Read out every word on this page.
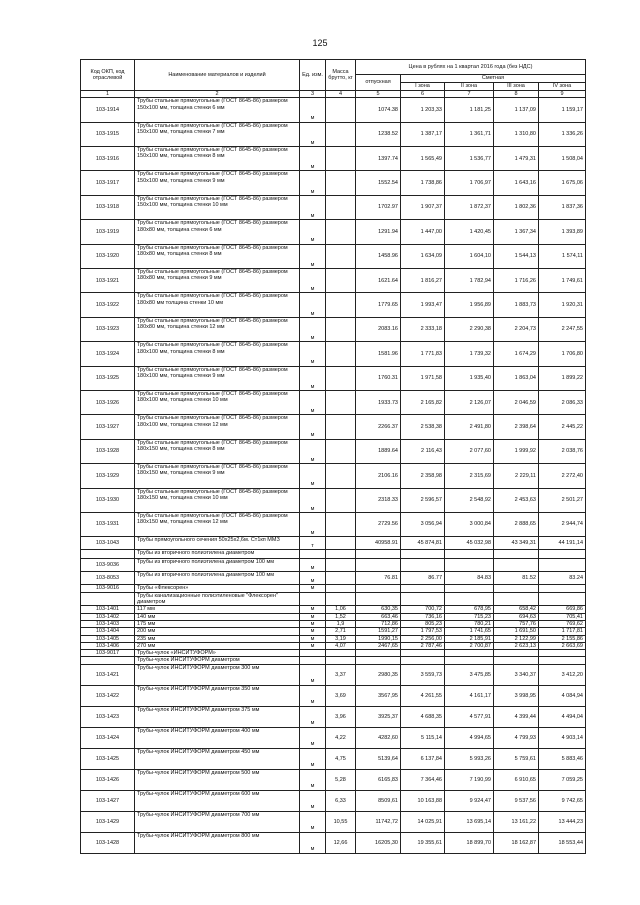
125
Код ОКП, код отраслевой	Наименование материалов и изделий	Ед. изм.	Масса брутто, кг	Цена в рублях на 1 квартал 2016 года (без НДС)				
				отпускная	Сметная			
					I зона	II зона	III зона	IV зона
1	2	3	4	5	6	7	8	9
103-1914	Трубы стальные прямоугольные (ГОСТ 8645-86) размером 150х100 мм, толщина стенки 6 мм	м		1074.38	1 203,33	1 181,25	1 137,09	1 159,17
103-1915	Трубы стальные прямоугольные (ГОСТ 8645-86) размером 150х100 мм, толщина стенки 7 мм	м		1238.52	1 387,17	1 361,71	1 310,80	1 336,26
103-1916	Трубы стальные прямоугольные (ГОСТ 8645-86) размером 150х100 мм, толщина стенки 8 мм	м		1397.74	1 565,49	1 536,77	1 479,31	1 508,04
103-1917	Трубы стальные прямоугольные (ГОСТ 8645-86) размером 150х100 мм, толщина стенки 9 мм	м		1552.54	1 738,86	1 706,97	1 643,16	1 675,06
103-1918	Трубы стальные прямоугольные (ГОСТ 8645-86) размером 150х100 мм, толщина стенки 10 мм	м		1702.97	1 907,37	1 872,37	1 802,36	1 837,36
103-1919	Трубы стальные прямоугольные (ГОСТ 8645-86) размером 180х80 мм, толщина стенки 6 мм	м		1291.94	1 447,00	1 420,45	1 367,34	1 393,89
103-1920	Трубы стальные прямоугольные (ГОСТ 8645-86) размером 180х80 мм, толщина стенки 8 мм	м		1458.96	1 634,09	1 604,10	1 544,13	1 574,11
103-1921	Трубы стальные прямоугольные (ГОСТ 8645-86) размером 180х80 мм, толщина стенки 9 мм	м		1621.64	1 816,27	1 782,94	1 716,26	1 749,61
103-1922	Трубы стальные прямоугольные (ГОСТ 8645-86) размером 180х80 мм толщина стенки 10 мм	м		1779.65	1 993,47	1 956,89	1 883,73	1 920,31
103-1923	Трубы стальные прямоугольные (ГОСТ 8645-86) размером 180х80 мм, толщина стенки 12 мм	м		2083.16	2 333,18	2 290,38	2 204,73	2 247,55
103-1924	Трубы стальные прямоугольные (ГОСТ 8645-86) размером 180х100 мм, толщина стенки 8 мм	м		1581.96	1 771,83	1 739,32	1 674,29	1 706,80
103-1925	Трубы стальные прямоугольные (ГОСТ 8645-86) размером 180х100 мм, толщина стенки 9 мм	м		1760.31	1 971,58	1 935,40	1 863,04	1 899,22
103-1926	Трубы стальные прямоугольные (ГОСТ 8645-86) размером 180х100 мм, толщина стенки 10 мм	м		1933.73	2 165,82	2 126,07	2 046,59	2 086,33
103-1927	Трубы стальные прямоугольные (ГОСТ 8645-86) размером 180х100 мм, толщина стенки 12 мм	м		2266.37	2 538,38	2 491,80	2 398,64	2 445,22
103-1928	Трубы стальные прямоугольные (ГОСТ 8645-86) размером 180х150 мм, толщина стенки 8 мм	м		1889.64	2 116,43	2 077,60	1 999,92	2 038,76
103-1929	Трубы стальные прямоугольные (ГОСТ 8645-86) размером 180х150 мм, толщина стенки 9 мм	м		2106.16	2 358,98	2 315,69	2 229,11	2 272,40
103-1930	Трубы стальные прямоугольные (ГОСТ 8645-86) размером 180х150 мм, толщина стенки 10 мм	м		2318.33	2 596,57	2 548,92	2 453,63	2 501,27
103-1931	Трубы стальные прямоугольные (ГОСТ 8645-86) размером 180х150 мм, толщина стенки 12 мм	м		2729.56	3 056,94	3 000,84	2 888,65	2 944,74
103-1043	Трубы прямоугольного сечения 50х25х2,6м. Ст1кп ММЗ	т		40958.91	45 874,81	45 032,98	43 349,31	44 191,14
	Трубы из вторичного полиэтилена диаметром							
103-9036	Трубы из вторичного полиэтилена диаметром 100 мм	м						
103-8053	Трубы из вторичного полиэтилена диаметром 100 мм	м		76.81	86.77	84.83	81.52	83.24
103-9016	Трубы «Флексорен»	м						
	Трубы канализационные полиэтиленовые "Флексорен" диаметром							
103-1401	117 мм	м	1,06	630,35	700,72	678,95	658,42	669,86
103-1402	140 мм	м	1,52	663,46	736,16	715,23	694,63	705,41
103-1403	175 мм	м	1,9	712,86	805,23	780,21	757,76	769,62
103-1404	200 мм	м	2,71	1591,27	1 797,53	1 741,65	1 691,50	1 717,81
103-1405	235 мм	м	3,19	1990,15	2 256,00	2 185,91	2 122,99	2 155,86
103-1406	270 мм	м	4,07	2467,65	2 787,46	2 700,87	2 623,13	2 663,69
103-9017	Трубы-чулок «ИНСИТУФОРМ»							
	Трубы-чулок ИНСИТУФОРМ диаметром							
103-1421	Трубы-чулок ИНСИТУФОРМ диаметром 300 мм	м	3,37	2980,35	3 559,73	3 475,85	3 340,37	3 412,20
103-1422	Трубы-чулок ИНСИТУФОРМ диаметром 350 мм	м	3,69	3567,95	4 261,55	4 161,17	3 998,95	4 084,94
103-1423	Трубы-чулок ИНСИТУФОРМ диаметром 375 мм	м	3,96	3925,37	4 688,35	4 577,91	4 399,44	4 494,04
103-1424	Трубы-чулок ИНСИТУФОРМ диаметром 400 мм	м	4,22	4282,60	5 115,14	4 994,65	4 799,93	4 903,14
103-1425	Трубы-чулок ИНСИТУФОРМ диаметром 450 мм	м	4,75	5139,64	6 137,84	5 993,26	5 759,61	5 883,46
103-1426	Трубы-чулок ИНСИТУФОРМ диаметром 500 мм	м	5,28	6165,83	7 364,46	7 190,99	6 910,65	7 059,25
103-1427	Трубы-чулок ИНСИТУФОРМ диаметром 600 мм	м	6,33	8509,61	10 163,88	9 924,47	9 537,56	9 742,65
103-1429	Трубы-чулок ИНСИТУФОРМ диаметром 700 мм	м	10,55	11742,72	14 025,91	13 695,14	13 161,22	13 444,23
103-1428	Трубы-чулок ИНСИТУФОРМ диаметром 800 мм	м	12,66	16205,30	19 355,61	18 899,70	18 162,87	18 553,44
